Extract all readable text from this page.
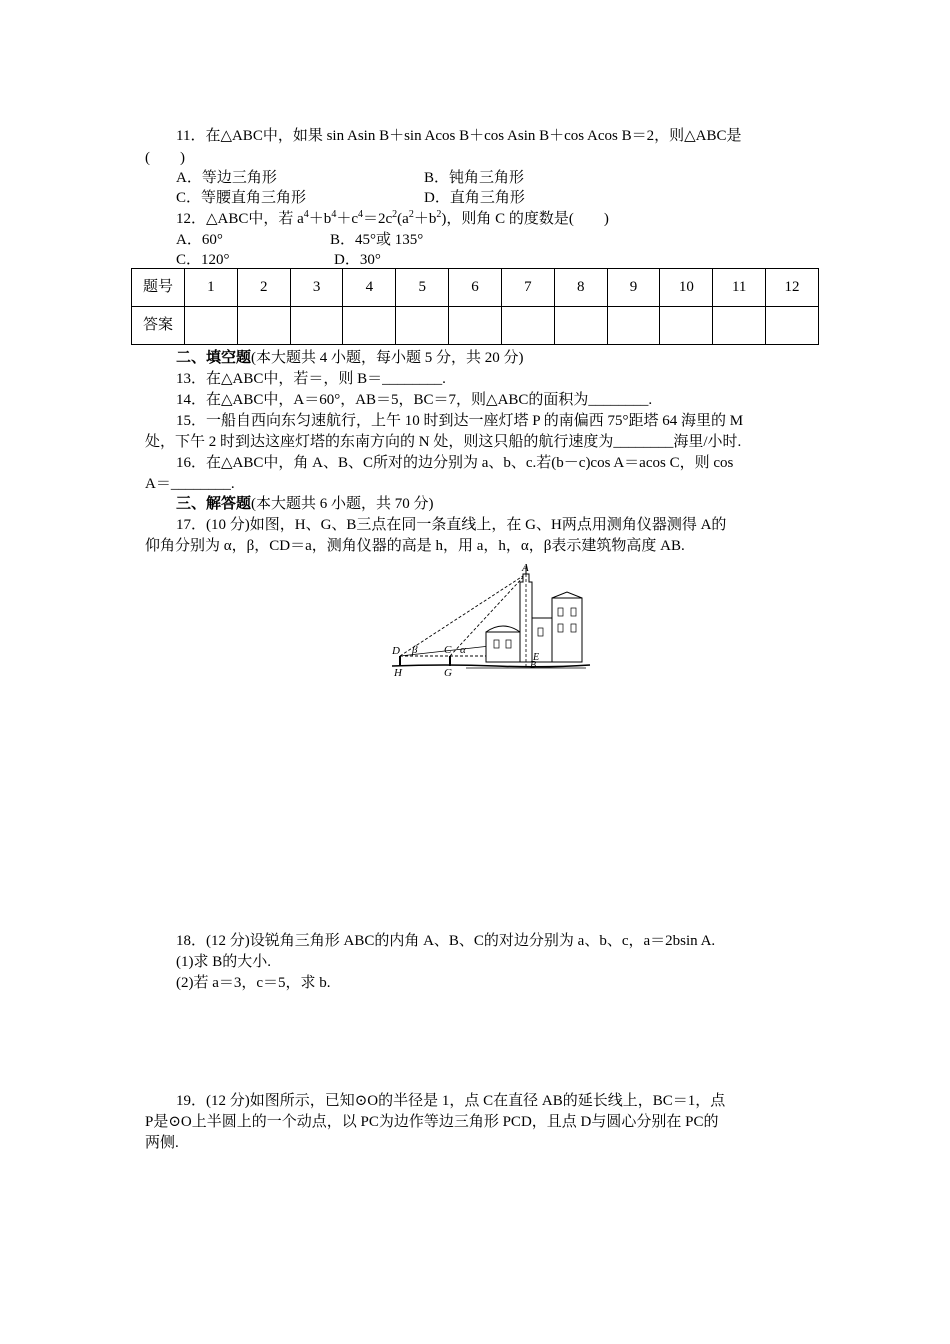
11．在△ABC中，如果 sin Asin B＋sin Acos B＋cos Asin B＋cos Acos B＝2，则△ABC是
(　　)
A．等边三角形	B．钝角三角形
C．等腰直角三角形	D．直角三角形
12．△ABC中，若 $a^4+b^4+c^4=2c^2(a^2+b^2)$，则角 C 的度数是(　　)
A．60°	B．45°或 135°
C．120°	D．30°
题号	1	2	3	4	5	6	7	8	9	10	11	12
答案												
二、填空题(本大题共 4 小题，每小题 5 分，共 20 分)
13．在△ABC中，若＝，则 B＝________.
14．在△ABC中，A＝60°，AB＝5，BC＝7，则△ABC的面积为________.
15．一船自西向东匀速航行，上午 10 时到达一座灯塔 P 的南偏西 75°距塔 64 海里的 M
处，下午 2 时到达这座灯塔的东南方向的 N 处，则这只船的航行速度为________海里/小时.
16．在△ABC中，角 A、B、C所对的边分别为 a、b、c.若(b－c)cos A＝acos C，则 cos
A＝________.
三、解答题(本大题共 6 小题，共 70 分)
17．(10 分)如图，H、G、B三点在同一条直线上，在 G、H两点用测角仪器测得 A的
仰角分别为 α，β，CD＝a，测角仪器的高是 h，用 a，h，α，β表示建筑物高度 AB.
A
D β C α
E
B
H	G
18．(12 分)设锐角三角形 ABC的内角 A、B、C的对边分别为 a、b、c，a＝2bsin A.
(1)求 B的大小.
(2)若 a＝3，c＝5，求 b.
19．(12 分)如图所示，已知⊙O的半径是 1，点 C在直径 AB的延长线上，BC＝1，点
P是⊙O上半圆上的一个动点，以 PC为边作等边三角形 PCD，且点 D与圆心分别在 PC的
两侧.
